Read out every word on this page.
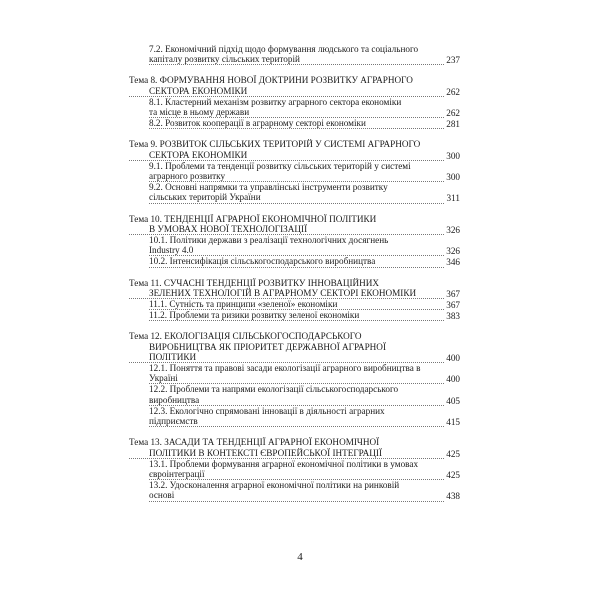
7.2. Економічний підхід щодо формування людського та соціального
капіталу розвитку сільських територій	237
Тема 8. ФОРМУВАННЯ НОВОЇ ДОКТРИНИ РОЗВИТКУ АГРАРНОГО
СЕКТОРА ЕКОНОМІКИ	262
8.1. Кластерний механізм розвитку аграрного сектора економіки
та місце в ньому держави	262
8.2. Розвиток кооперації в аграрному секторі економіки	281
Тема 9. РОЗВИТОК СІЛЬСЬКИХ ТЕРИТОРІЙ У СИСТЕМІ АГРАРНОГО
СЕКТОРА ЕКОНОМІКИ	300
9.1. Проблеми та тенденції розвитку сільських територій у системі
аграрного розвитку	300
9.2. Основні напрямки та управлінські інструменти розвитку
сільських територій України	311
Тема 10. ТЕНДЕНЦІЇ АГРАРНОЇ ЕКОНОМІЧНОЇ ПОЛІТИКИ
В УМОВАХ НОВОЇ ТЕХНОЛОГІЗАЦІЇ	326
10.1. Політики держави з реалізації технологічних досягнень
Industry 4.0	326
10.2. Інтенсифікація сільськогосподарського виробництва	346
Тема 11. СУЧАСНІ ТЕНДЕНЦІЇ РОЗВИТКУ ІННОВАЦІЙНИХ
ЗЕЛЕНИХ ТЕХНОЛОГІЙ В АГРАРНОМУ СЕКТОРІ ЕКОНОМІКИ	367
11.1. Сутність та принципи «зеленої» економіки	367
11.2. Проблеми та ризики розвитку зеленої економіки	383
Тема 12. ЕКОЛОГІЗАЦІЯ СІЛЬСЬКОГОСПОДАРСЬКОГО
ВИРОБНИЦТВА ЯК ПРІОРИТЕТ ДЕРЖАВНОЇ АГРАРНОЇ
ПОЛІТИКИ	400
12.1. Поняття та правові засади екологізації аграрного виробництва в
Україні	400
12.2. Проблеми та напрями екологізації сільськогосподарського
виробництва	405
12.3. Екологічно спрямовані інновації в діяльності аграрних
підприємств	415
Тема 13. ЗАСАДИ ТА ТЕНДЕНЦІЇ АГРАРНОЇ ЕКОНОМІЧНОЇ
ПОЛІТИКИ В КОНТЕКСТІ ЄВРОПЕЙСЬКОЇ ІНТЕГРАЦІЇ	425
13.1. Проблеми формування аграрної економічної політики в умовах
євроінтеграції	425
13.2. Удосконалення аграрної економічної політики на ринковій
основі	438
4
